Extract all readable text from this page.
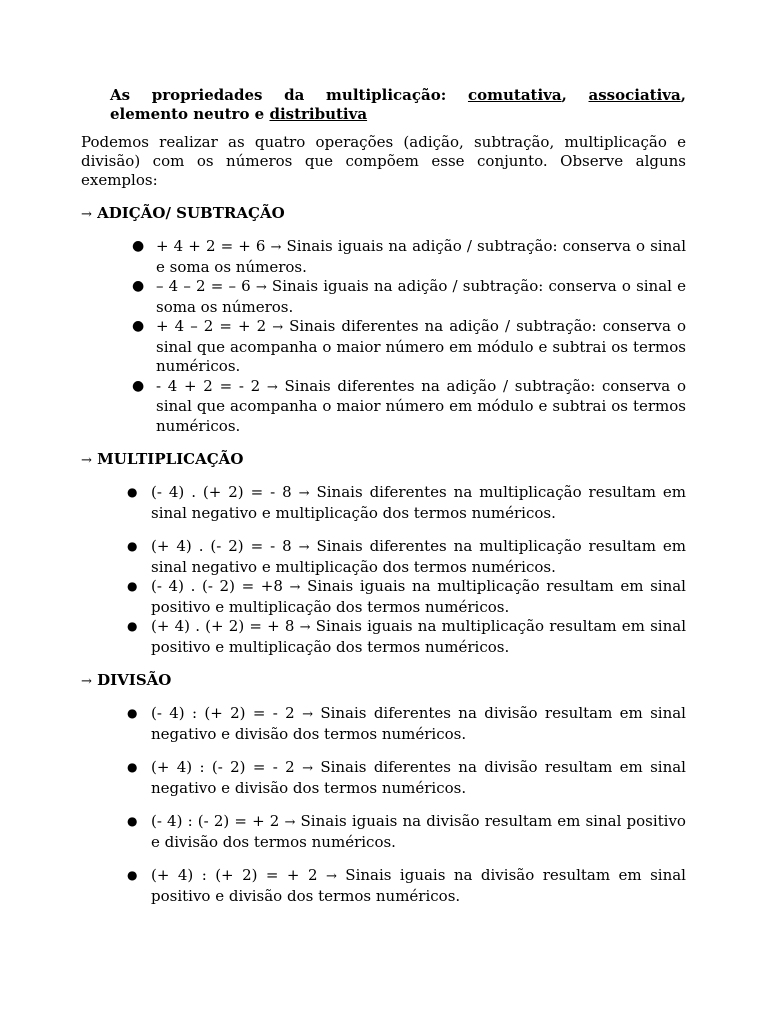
As propriedades da multiplicação: comutativa, associativa, elemento neutro e distributiva
Podemos realizar as quatro operações (adição, subtração, multiplicação e divisão) com os números que compõem esse conjunto. Observe alguns exemplos:
→ ADIÇÃO/ SUBTRAÇÃO
● + 4 + 2 = + 6 → Sinais iguais na adição / subtração: conserva o sinal e soma os números.
● – 4 – 2 = – 6 → Sinais iguais na adição / subtração: conserva o sinal e soma os números.
● + 4 – 2 = + 2 → Sinais diferentes na adição / subtração: conserva o sinal que acompanha o maior número em módulo e subtrai os termos numéricos.
● - 4 + 2 = - 2 → Sinais diferentes na adição / subtração: conserva o sinal que acompanha o maior número em módulo e subtrai os termos numéricos.
→ MULTIPLICAÇÃO
● (- 4) . (+ 2) = - 8 → Sinais diferentes na multiplicação resultam em sinal negativo e multiplicação dos termos numéricos.
● (+ 4) . (- 2) = - 8 → Sinais diferentes na multiplicação resultam em sinal negativo e multiplicação dos termos numéricos.
● (- 4) . (- 2) = +8 → Sinais iguais na multiplicação resultam em sinal positivo e multiplicação dos termos numéricos.
● (+ 4) . (+ 2) = + 8 → Sinais iguais na multiplicação resultam em sinal positivo e multiplicação dos termos numéricos.
→ DIVISÃO
● (- 4) : (+ 2) = - 2 → Sinais diferentes na divisão resultam em sinal negativo e divisão dos termos numéricos.
● (+ 4) : (- 2) = - 2 → Sinais diferentes na divisão resultam em sinal negativo e divisão dos termos numéricos.
● (- 4) : (- 2) = + 2 → Sinais iguais na divisão resultam em sinal positivo e divisão dos termos numéricos.
● (+ 4) : (+ 2) = + 2 → Sinais iguais na divisão resultam em sinal positivo e divisão dos termos numéricos.
